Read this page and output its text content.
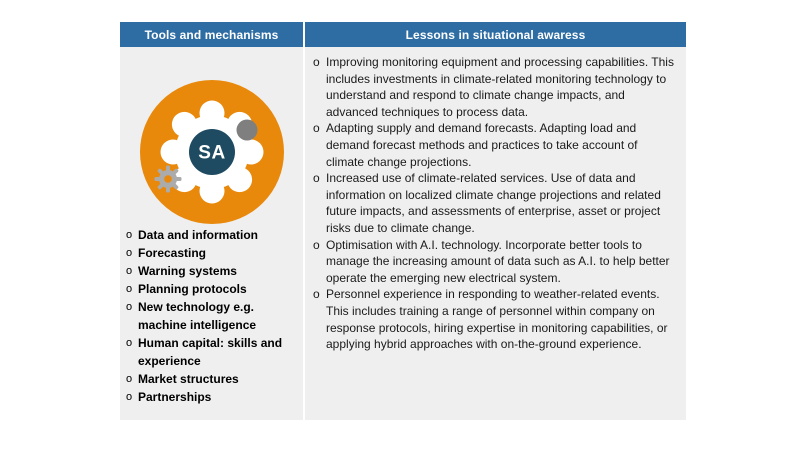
Tools and mechanisms	Lessons in situational awaress
SA
o Data and information
o Forecasting
o Warning systems
o Planning protocols
o New technology e.g. machine intelligence
o Human capital: skills and experience
o Market structures
o Partnerships
o Improving monitoring equipment and processing capabilities. This includes investments in climate-related monitoring technology to understand and respond to climate change impacts, and advanced techniques to process data.
o Adapting supply and demand forecasts. Adapting load and demand forecast methods and practices to take account of climate change projections.
o Increased use of climate-related services. Use of data and information on localized climate change projections and related future impacts, and assessments of enterprise, asset or project risks due to climate change.
o Optimisation with A.I. technology. Incorporate better tools to manage the increasing amount of data such as A.I. to help better operate the emerging new electrical system.
o Personnel experience in responding to weather-related events. This includes training a range of personnel within company on response protocols, hiring expertise in monitoring capabilities, or applying hybrid approaches with on-the-ground experience.
